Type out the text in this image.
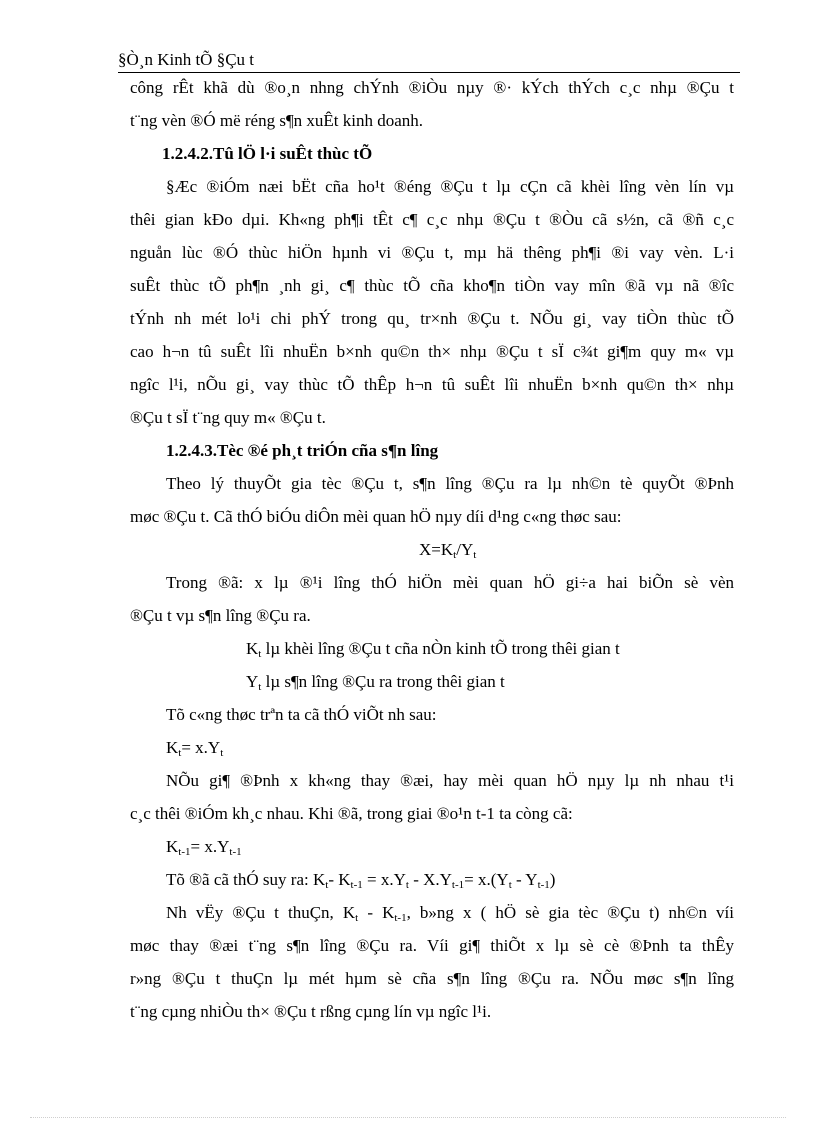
§Ò¸n Kinh tÕ §Çu t
công rÊt khã dù ®o¸n nhng chÝnh ®iÒu nµy ®· kÝch thÝch c¸c nhµ ®Çu t
t¨ng vèn ®Ó më réng s¶n xuÊt kinh doanh.
1.2.4.2.Tû lÖ l·i suÊt thùc tÕ
§Æc ®iÓm næi bËt cña ho¹t ®éng ®Çu t lµ cÇn cã khèi lîng vèn lín vµ
thêi gian kÐo dµi. Kh«ng ph¶i tÊt c¶ c¸c nhµ ®Çu t ®Òu cã s½n, cã ®ñ c¸c
nguån lùc ®Ó thùc hiÖn hµnh vi ®Çu t, mµ hä thêng ph¶i ®i vay vèn. L·i
suÊt thùc tÕ ph¶n ¸nh gi¸ c¶ thùc tÕ cña kho¶n tiÒn vay mîn ®ã vµ nã ®îc
tÝnh nh mét lo¹i chi phÝ trong qu¸ tr×nh ®Çu t. NÕu gi¸ vay tiÒn thùc tÕ
cao h¬n tû suÊt lîi nhuËn b×nh qu©n th× nhµ ®Çu t sÏ c¾t gi¶m quy m« vµ
ngîc l¹i, nÕu gi¸ vay thùc tÕ thÊp h¬n tû suÊt lîi nhuËn b×nh qu©n th× nhµ
®Çu t sÏ t¨ng quy m« ®Çu t.
1.2.4.3.Tèc ®é ph¸t triÓn cña s¶n lîng
Theo lý thuyÕt gia tèc ®Çu t, s¶n lîng ®Çu ra lµ nh©n tè quyÕt ®Þnh
møc ®Çu t. Cã thÓ biÓu diÔn mèi quan hÖ nµy díi d¹ng c«ng thøc sau:
$X=K_t/Y_t$
Trong ®ã: x lµ ®¹i lîng thÓ hiÖn mèi quan hÖ gi÷a hai biÕn sè vèn
®Çu t vµ s¶n lîng ®Çu ra.
$K_t$ lµ khèi lîng ®Çu t cña nÒn kinh tÕ trong thêi gian t
$Y_t$ lµ s¶n lîng ®Çu ra trong thêi gian t
Tõ c«ng thøc trªn ta cã thÓ viÕt nh sau:
$K_t= x.Y_t$
NÕu gi¶ ®Þnh x kh«ng thay ®æi, hay mèi quan hÖ nµy lµ nh nhau t¹i
c¸c thêi ®iÓm kh¸c nhau. Khi ®ã, trong giai ®o¹n t-1 ta còng cã:
$K_{t-1}= x.Y_{t-1}$
Tõ ®ã cã thÓ suy ra: $K_t-$ $K_{t-1} = x.Y_t - X.Y_{t-1}= x.(Y_t - Y_{t-1})$
Nh vËy ®Çu t thuÇn, $K_t - K_{t-1}$, b»ng x ( hÖ sè gia tèc ®Çu t) nh©n víi
møc thay ®æi t¨ng s¶n lîng ®Çu ra. Víi gi¶ thiÕt x lµ sè cè ®Þnh ta thÊy
r»ng ®Çu t thuÇn lµ mét hµm sè cña s¶n lîng ®Çu ra. NÕu møc s¶n lîng
t¨ng cµng nhiÒu th× ®Çu t rßng cµng lín vµ ngîc l¹i.
